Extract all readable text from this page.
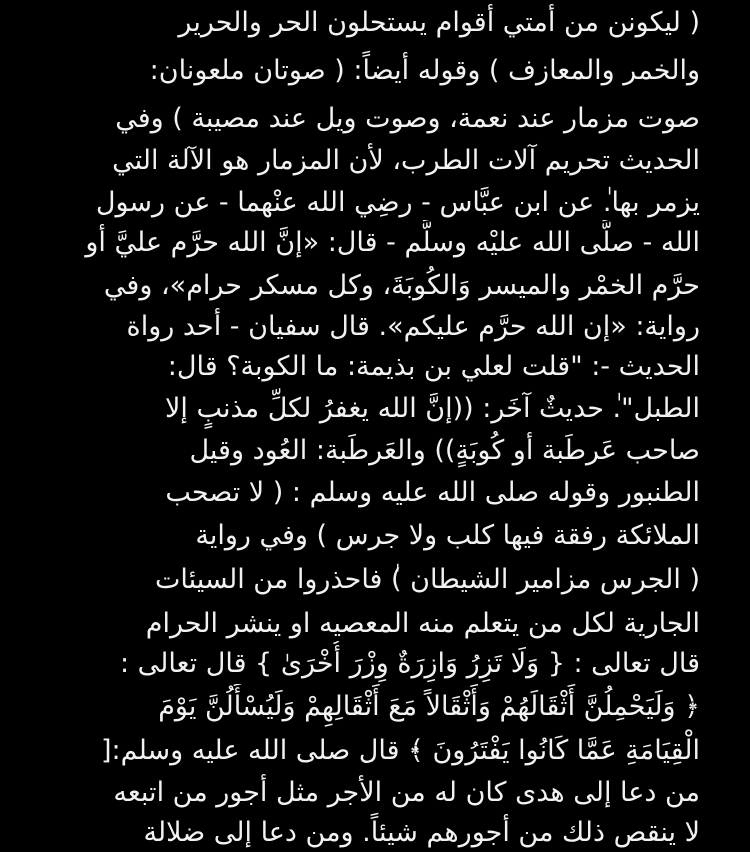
( ليكونن من أمتي أقوام يستحلون الحر والحرير
والخمر والمعازف ) وقوله أيضاً: ( صوتان ملعونان:
صوت مزمار عند نعمة، وصوت ويل عند مصيبة ) وفي
الحديث تحريم آلات الطرب، لأن المزمار هو الآلة التي
يزمر بها.ٰ عن ابن عبَّاس - رضِي الله عنْهما - عن رسول
الله - صلَّى الله عليْه وسلَّم - قال: «إنَّ الله حرَّم عليَّ أو
حرَّم الخمْر والميسر وَالكُوبَةَ، وكل مسكر حرام»، وفي
رواية: «إن الله حرَّم عليكم». قال سفيان - أحد رواة
الحديث -: "قلت لعلي بن بذيمة: ما الكوبة؟ قال:
الطبل".ٰ حديثٌ آخَر: ((إنَّ الله يغفرُ لكلِّ مذنبٍ إلا
صاحب عَرطَبة أو كُوبَةٍ)) والعَرطَبة: العُود وقيل
الطنبور وقوله صلى الله عليه وسلم : ( لا تصحب
الملائكة رفقة فيها كلب ولا جرس ) وفي رواية
( الجرس مزامير الشيطان )ٰ فاحذروا من السيئات
الجارية لكل من يتعلم منه المعصيه او ينشر الحرام
قال تعالى : { وَلَا تَزِرُ وَازِرَةٌ وِزْرَ أُخْرَىٰ } قال تعالى :
﴿ وَلَيَحْمِلُنَّ أَثْقَالَهُمْ وَأَثْقَالاً مَعَ أَثْقَالِهِمْ وَلَيُسْأَلُنَّ يَوْمَ
الْقِيَامَةِ عَمَّا كَانُوا يَفْتَرُونَ ﴾ٰ قال صلى الله عليه وسلم:[
من دعا إلى هدى كان له من الأجر مثل أجور من اتبعه
لا ينقص ذلك من أجورهم شيئاً. ومن دعا إلى ضلالة
